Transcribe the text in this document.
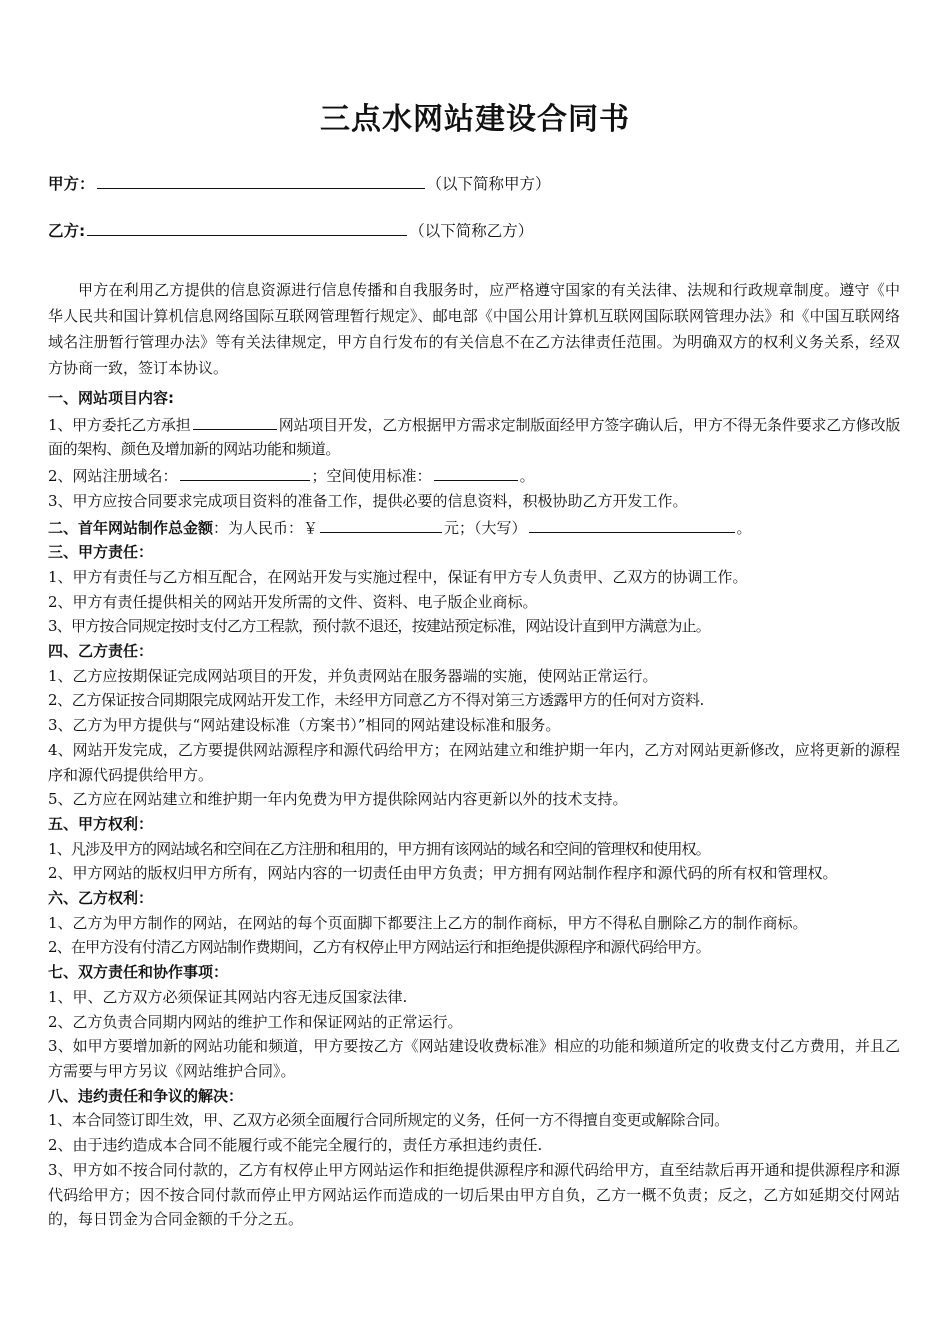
三点水网站建设合同书
甲方：	（以下简称甲方）
乙方:	（以下简称乙方）

甲方在利用乙方提供的信息资源进行信息传播和自我服务时，应严格遵守国家的有关法律、法规和行政规章制度。遵守《中华人民共和国计算机信息网络国际互联网管理暂行规定》、邮电部《中国公用计算机互联网国际联网管理办法》和《中国互联网络域名注册暂行管理办法》等有关法律规定，甲方自行发布的有关信息不在乙方法律责任范围。为明确双方的权利义务关系，经双方协商一致，签订本协议。

一、网站项目内容:

1、甲方委托乙方承担	网站项目开发，乙方根据甲方需求定制版面经甲方签字确认后，甲方不得无条件要求乙方修改版面的架构、颜色及增加新的网站功能和频道。

2、网站注册域名：	；空间使用标准：	。

3、甲方应按合同要求完成项目资料的准备工作，提供必要的信息资料，积极协助乙方开发工作。

二、首年网站制作总金额：为人民币：￥	元；（大写）	。

三、甲方责任：

1、甲方有责任与乙方相互配合，在网站开发与实施过程中，保证有甲方专人负责甲、乙双方的协调工作。

2、甲方有责任提供相关的网站开发所需的文件、资料、电子版企业商标。

3、甲方按合同规定按时支付乙方工程款，预付款不退还，按建站预定标准，网站设计直到甲方满意为止。

四、乙方责任：

1、乙方应按期保证完成网站项目的开发，并负责网站在服务器端的实施，使网站正常运行。

2、乙方保证按合同期限完成网站开发工作，未经甲方同意乙方不得对第三方透露甲方的任何对方资料.

3、乙方为甲方提供与“网站建设标准（方案书）”相同的网站建设标准和服务。

4、网站开发完成，乙方要提供网站源程序和源代码给甲方；在网站建立和维护期一年内，乙方对网站更新修改，应将更新的源程序和源代码提供给甲方。

5、乙方应在网站建立和维护期一年内免费为甲方提供除网站内容更新以外的技术支持。

五、甲方权利：

1、凡涉及甲方的网站域名和空间在乙方注册和租用的，甲方拥有该网站的域名和空间的管理权和使用权。

2、甲方网站的版权归甲方所有，网站内容的一切责任由甲方负责；甲方拥有网站制作程序和源代码的所有权和管理权。

六、乙方权利：

1、乙方为甲方制作的网站，在网站的每个页面脚下都要注上乙方的制作商标，甲方不得私自删除乙方的制作商标。

2、在甲方没有付清乙方网站制作费期间，乙方有权停止甲方网站运行和拒绝提供源程序和源代码给甲方。

七、双方责任和协作事项：

1、甲、乙方双方必须保证其网站内容无违反国家法律.

2、乙方负责合同期内网站的维护工作和保证网站的正常运行。

3、如甲方要增加新的网站功能和频道，甲方要按乙方《网站建设收费标准》相应的功能和频道所定的收费支付乙方费用，并且乙方需要与甲方另议《网站维护合同》。

八、违约责任和争议的解决：

1、本合同签订即生效，甲、乙双方必须全面履行合同所规定的义务，任何一方不得擅自变更或解除合同。

2、由于违约造成本合同不能履行或不能完全履行的，责任方承担违约责任.

3、甲方如不按合同付款的，乙方有权停止甲方网站运作和拒绝提供源程序和源代码给甲方，直至结款后再开通和提供源程序和源代码给甲方；因不按合同付款而停止甲方网站运作而造成的一切后果由甲方自负，乙方一概不负责；反之，乙方如延期交付网站的，每日罚金为合同金额的千分之五。
